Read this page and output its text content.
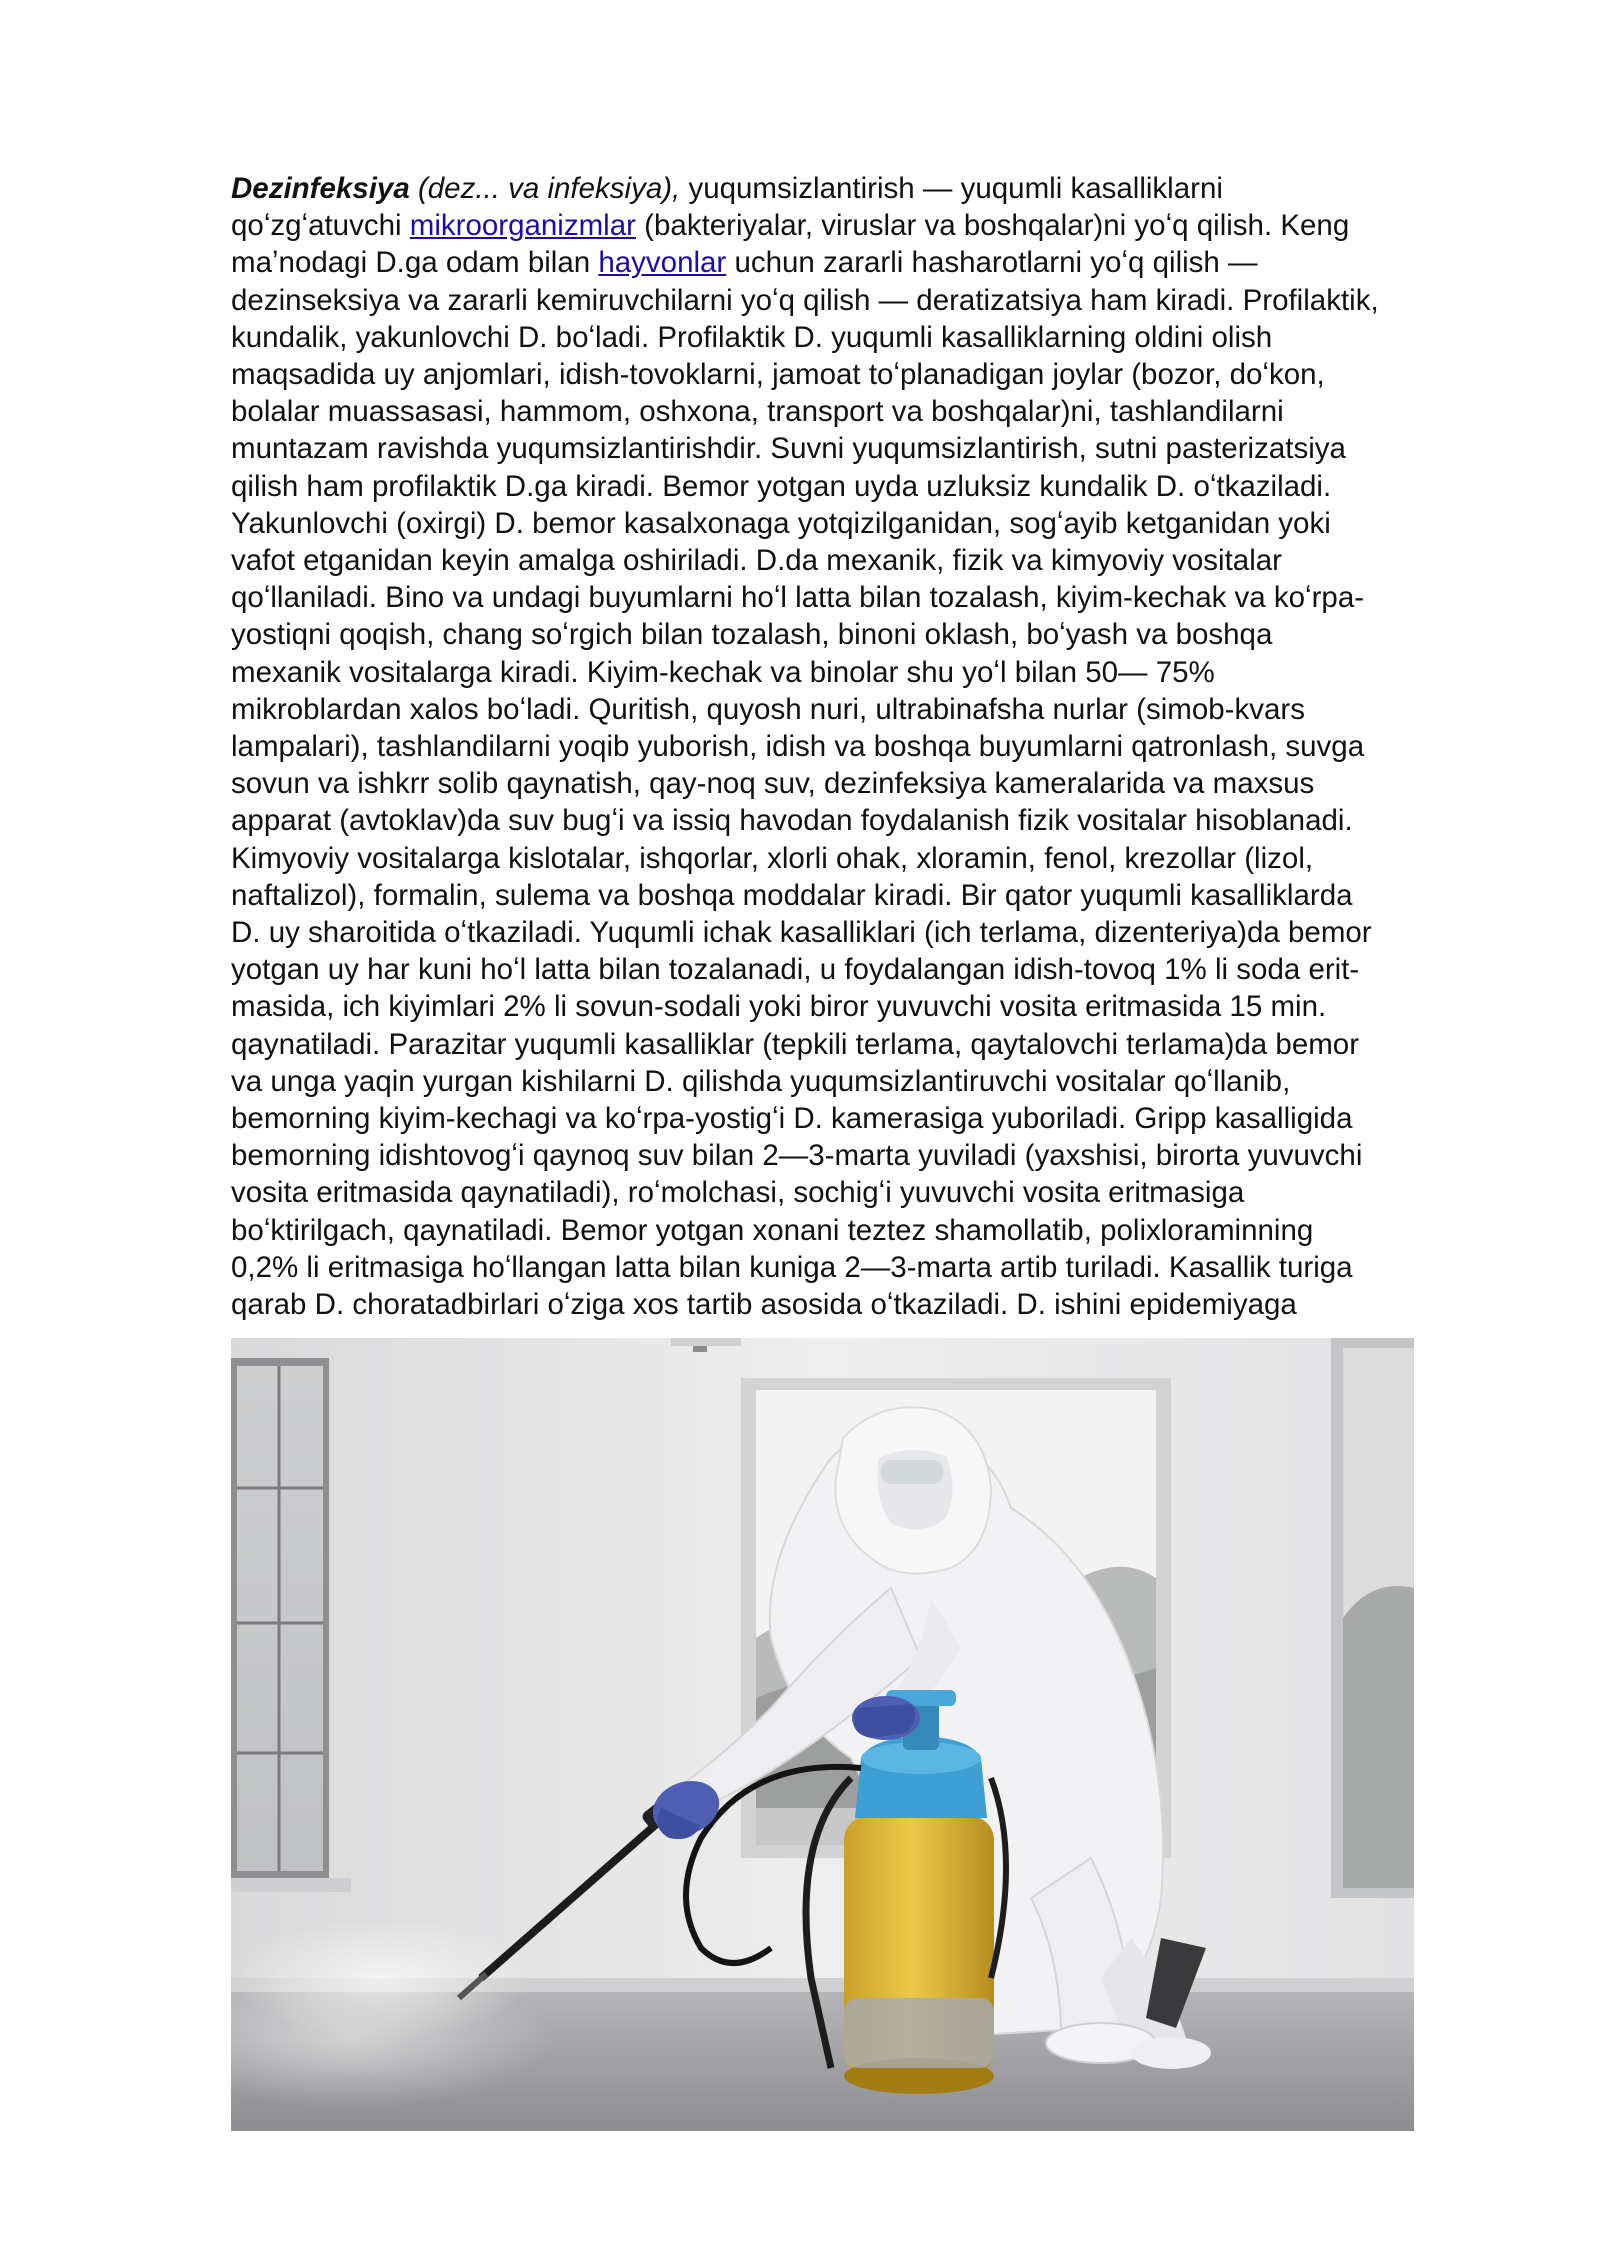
Dezinfeksiya (dez... va infeksiya), yuqumsizlantirish — yuqumli kasalliklarni
qoʻzgʻatuvchi mikroorganizmlar (bakteriyalar, viruslar va boshqalar)ni yoʻq qilish. Keng
maʼnodagi D.ga odam bilan hayvonlar uchun zararli hasharotlarni yoʻq qilish —
dezinseksiya va zararli kemiruvchilarni yoʻq qilish — deratizatsiya ham kiradi. Profilaktik,
kundalik, yakunlovchi D. boʻladi. Profilaktik D. yuqumli kasalliklarning oldini olish
maqsadida uy anjomlari, idish-tovoklarni, jamoat toʻplanadigan joylar (bozor, doʻkon,
bolalar muassasasi, hammom, oshxona, transport va boshqalar)ni, tashlandilarni
muntazam ravishda yuqumsizlantirishdir. Suvni yuqumsizlantirish, sutni pasterizatsiya
qilish ham profilaktik D.ga kiradi. Bemor yotgan uyda uzluksiz kundalik D. oʻtkaziladi.
Yakunlovchi (oxirgi) D. bemor kasalxonaga yotqizilganidan, sogʻayib ketganidan yoki
vafot etganidan keyin amalga oshiriladi. D.da mexanik, fizik va kimyoviy vositalar
qoʻllaniladi. Bino va undagi buyumlarni hoʻl latta bilan tozalash, kiyim-kechak va koʻrpa-
yostiqni qoqish, chang soʻrgich bilan tozalash, binoni oklash, boʻyash va boshqa
mexanik vositalarga kiradi. Kiyim-kechak va binolar shu yoʻl bilan 50— 75%
mikroblardan xalos boʻladi. Quritish, quyosh nuri, ultrabinafsha nurlar (simob-kvars
lampalari), tashlandilarni yoqib yuborish, idish va boshqa buyumlarni qatronlash, suvga
sovun va ishkrr solib qaynatish, qay-noq suv, dezinfeksiya kameralarida va maxsus
apparat (avtoklav)da suv bugʻi va issiq havodan foydalanish fizik vositalar hisoblanadi.
Kimyoviy vositalarga kislotalar, ishqorlar, xlorli ohak, xloramin, fenol, krezollar (lizol,
naftalizol), formalin, sulema va boshqa moddalar kiradi. Bir qator yuqumli kasalliklarda
D. uy sharoitida oʻtkaziladi. Yuqumli ichak kasalliklari (ich terlama, dizenteriya)da bemor
yotgan uy har kuni hoʻl latta bilan tozalanadi, u foydalangan idish-tovoq 1% li soda erit-
masida, ich kiyimlari 2% li sovun-sodali yoki biror yuvuvchi vosita eritmasida 15 min.
qaynatiladi. Parazitar yuqumli kasalliklar (tepkili terlama, qaytalovchi terlama)da bemor
va unga yaqin yurgan kishilarni D. qilishda yuqumsizlantiruvchi vositalar qoʻllanib,
bemorning kiyim-kechagi va koʻrpa-yostigʻi D. kamerasiga yuboriladi. Gripp kasalligida
bemorning idishtovogʻi qaynoq suv bilan 2—3-marta yuviladi (yaxshisi, birorta yuvuvchi
vosita eritmasida qaynatiladi), roʻmolchasi, sochigʻi yuvuvchi vosita eritmasiga
boʻktirilgach, qaynatiladi. Bemor yotgan xonani teztez shamollatib, polixloraminning
0,2% li eritmasiga hoʻllangan latta bilan kuniga 2—3-marta artib turiladi. Kasallik turiga
qarab D. choratadbirlari oʻziga xos tartib asosida oʻtkaziladi. D. ishini epidemiyaga
